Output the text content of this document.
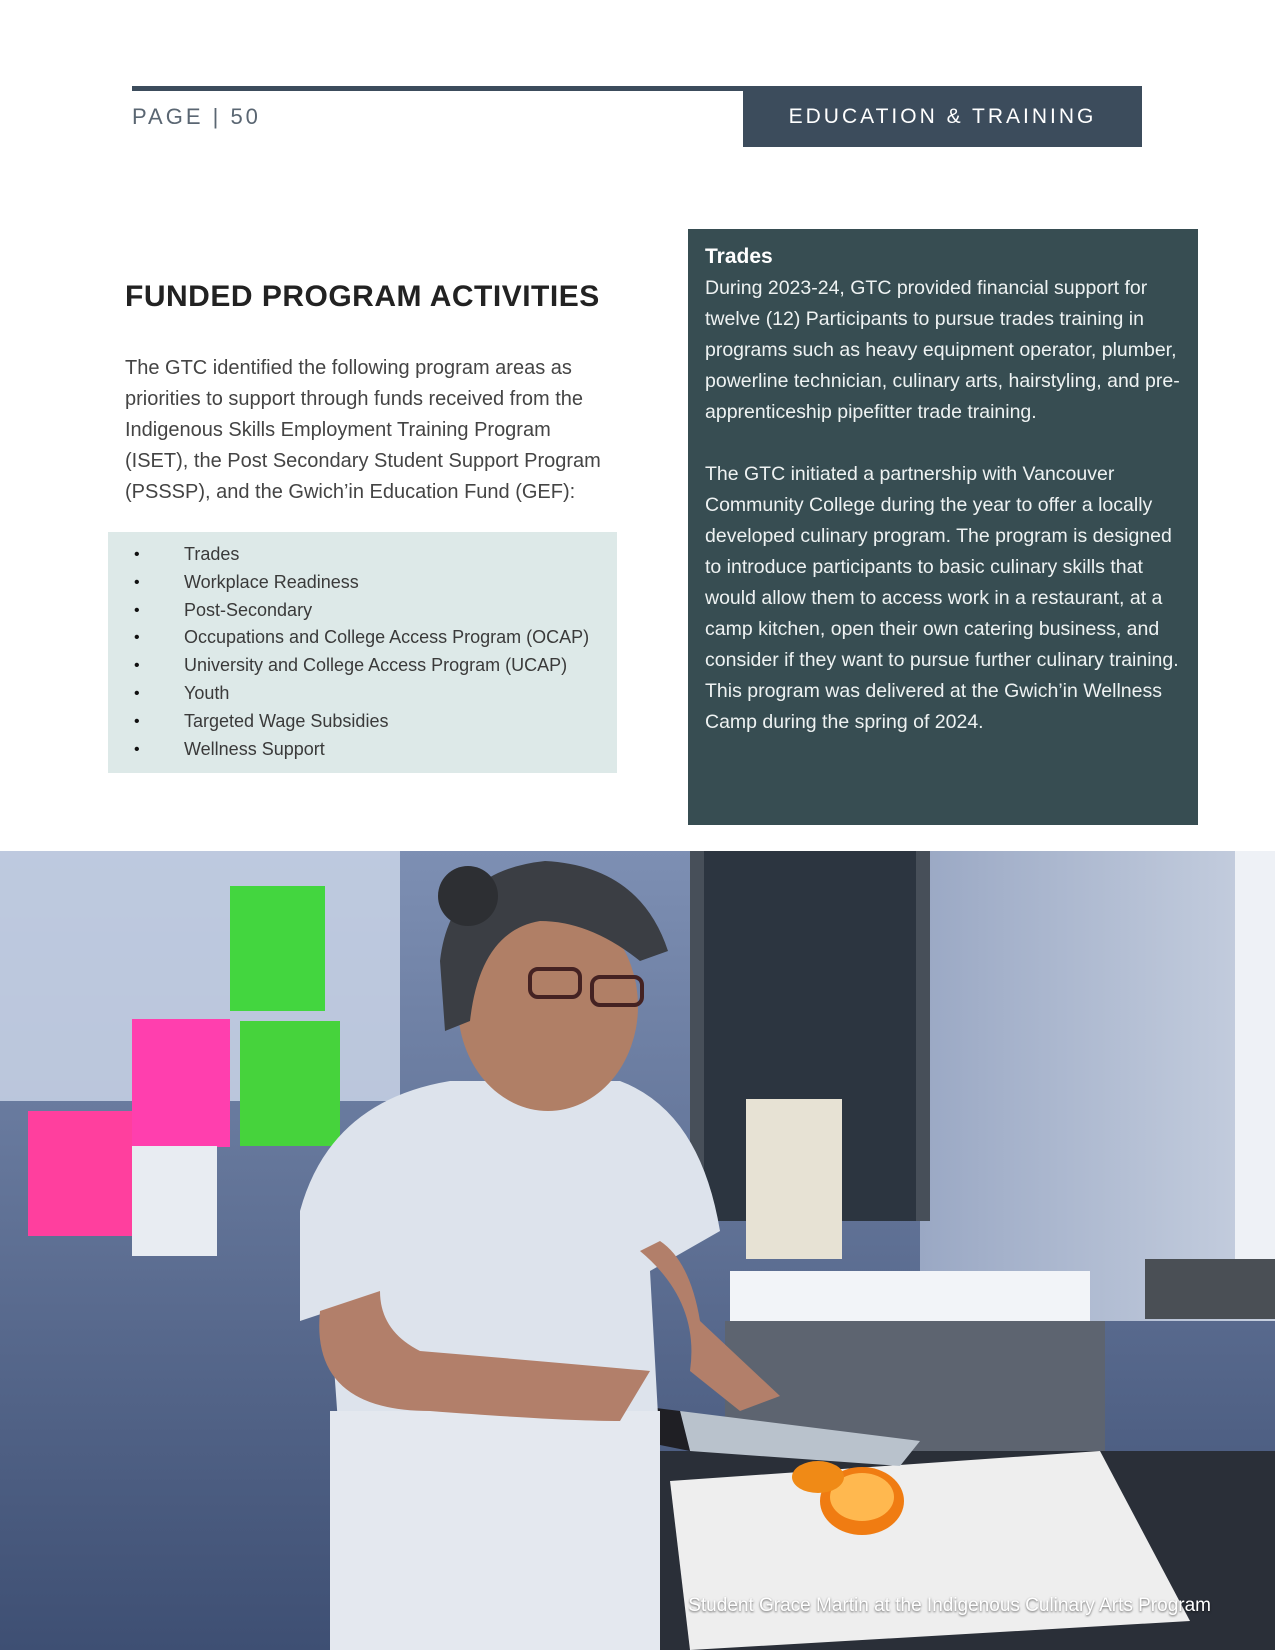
PAGE | 50	EDUCATION & TRAINING
FUNDED PROGRAM ACTIVITIES

The GTC identified the following program areas as priorities to support through funds received from the Indigenous Skills Employment Training Program (ISET), the Post Secondary Student Support Program (PSSSP), and the Gwich’in Education Fund (GEF):

• Trades
• Workplace Readiness
• Post-Secondary
• Occupations and College Access Program (OCAP)
• University and College Access Program (UCAP)
• Youth
• Targeted Wage Subsidies
• Wellness Support
Trades

During 2023-24, GTC provided financial support for twelve (12) Participants to pursue trades training in programs such as heavy equipment operator, plumber, powerline technician, culinary arts, hairstyling, and pre-apprenticeship pipefitter trade training.

The GTC initiated a partnership with Vancouver Community College during the year to offer a locally developed culinary program. The program is designed to introduce participants to basic culinary skills that would allow them to access work in a restaurant, at a camp kitchen, open their own catering business, and consider if they want to pursue further culinary training. This program was delivered at the Gwich’in Wellness Camp during the spring of 2024.

Student Grace Martin at the Indigenous Culinary Arts Program
